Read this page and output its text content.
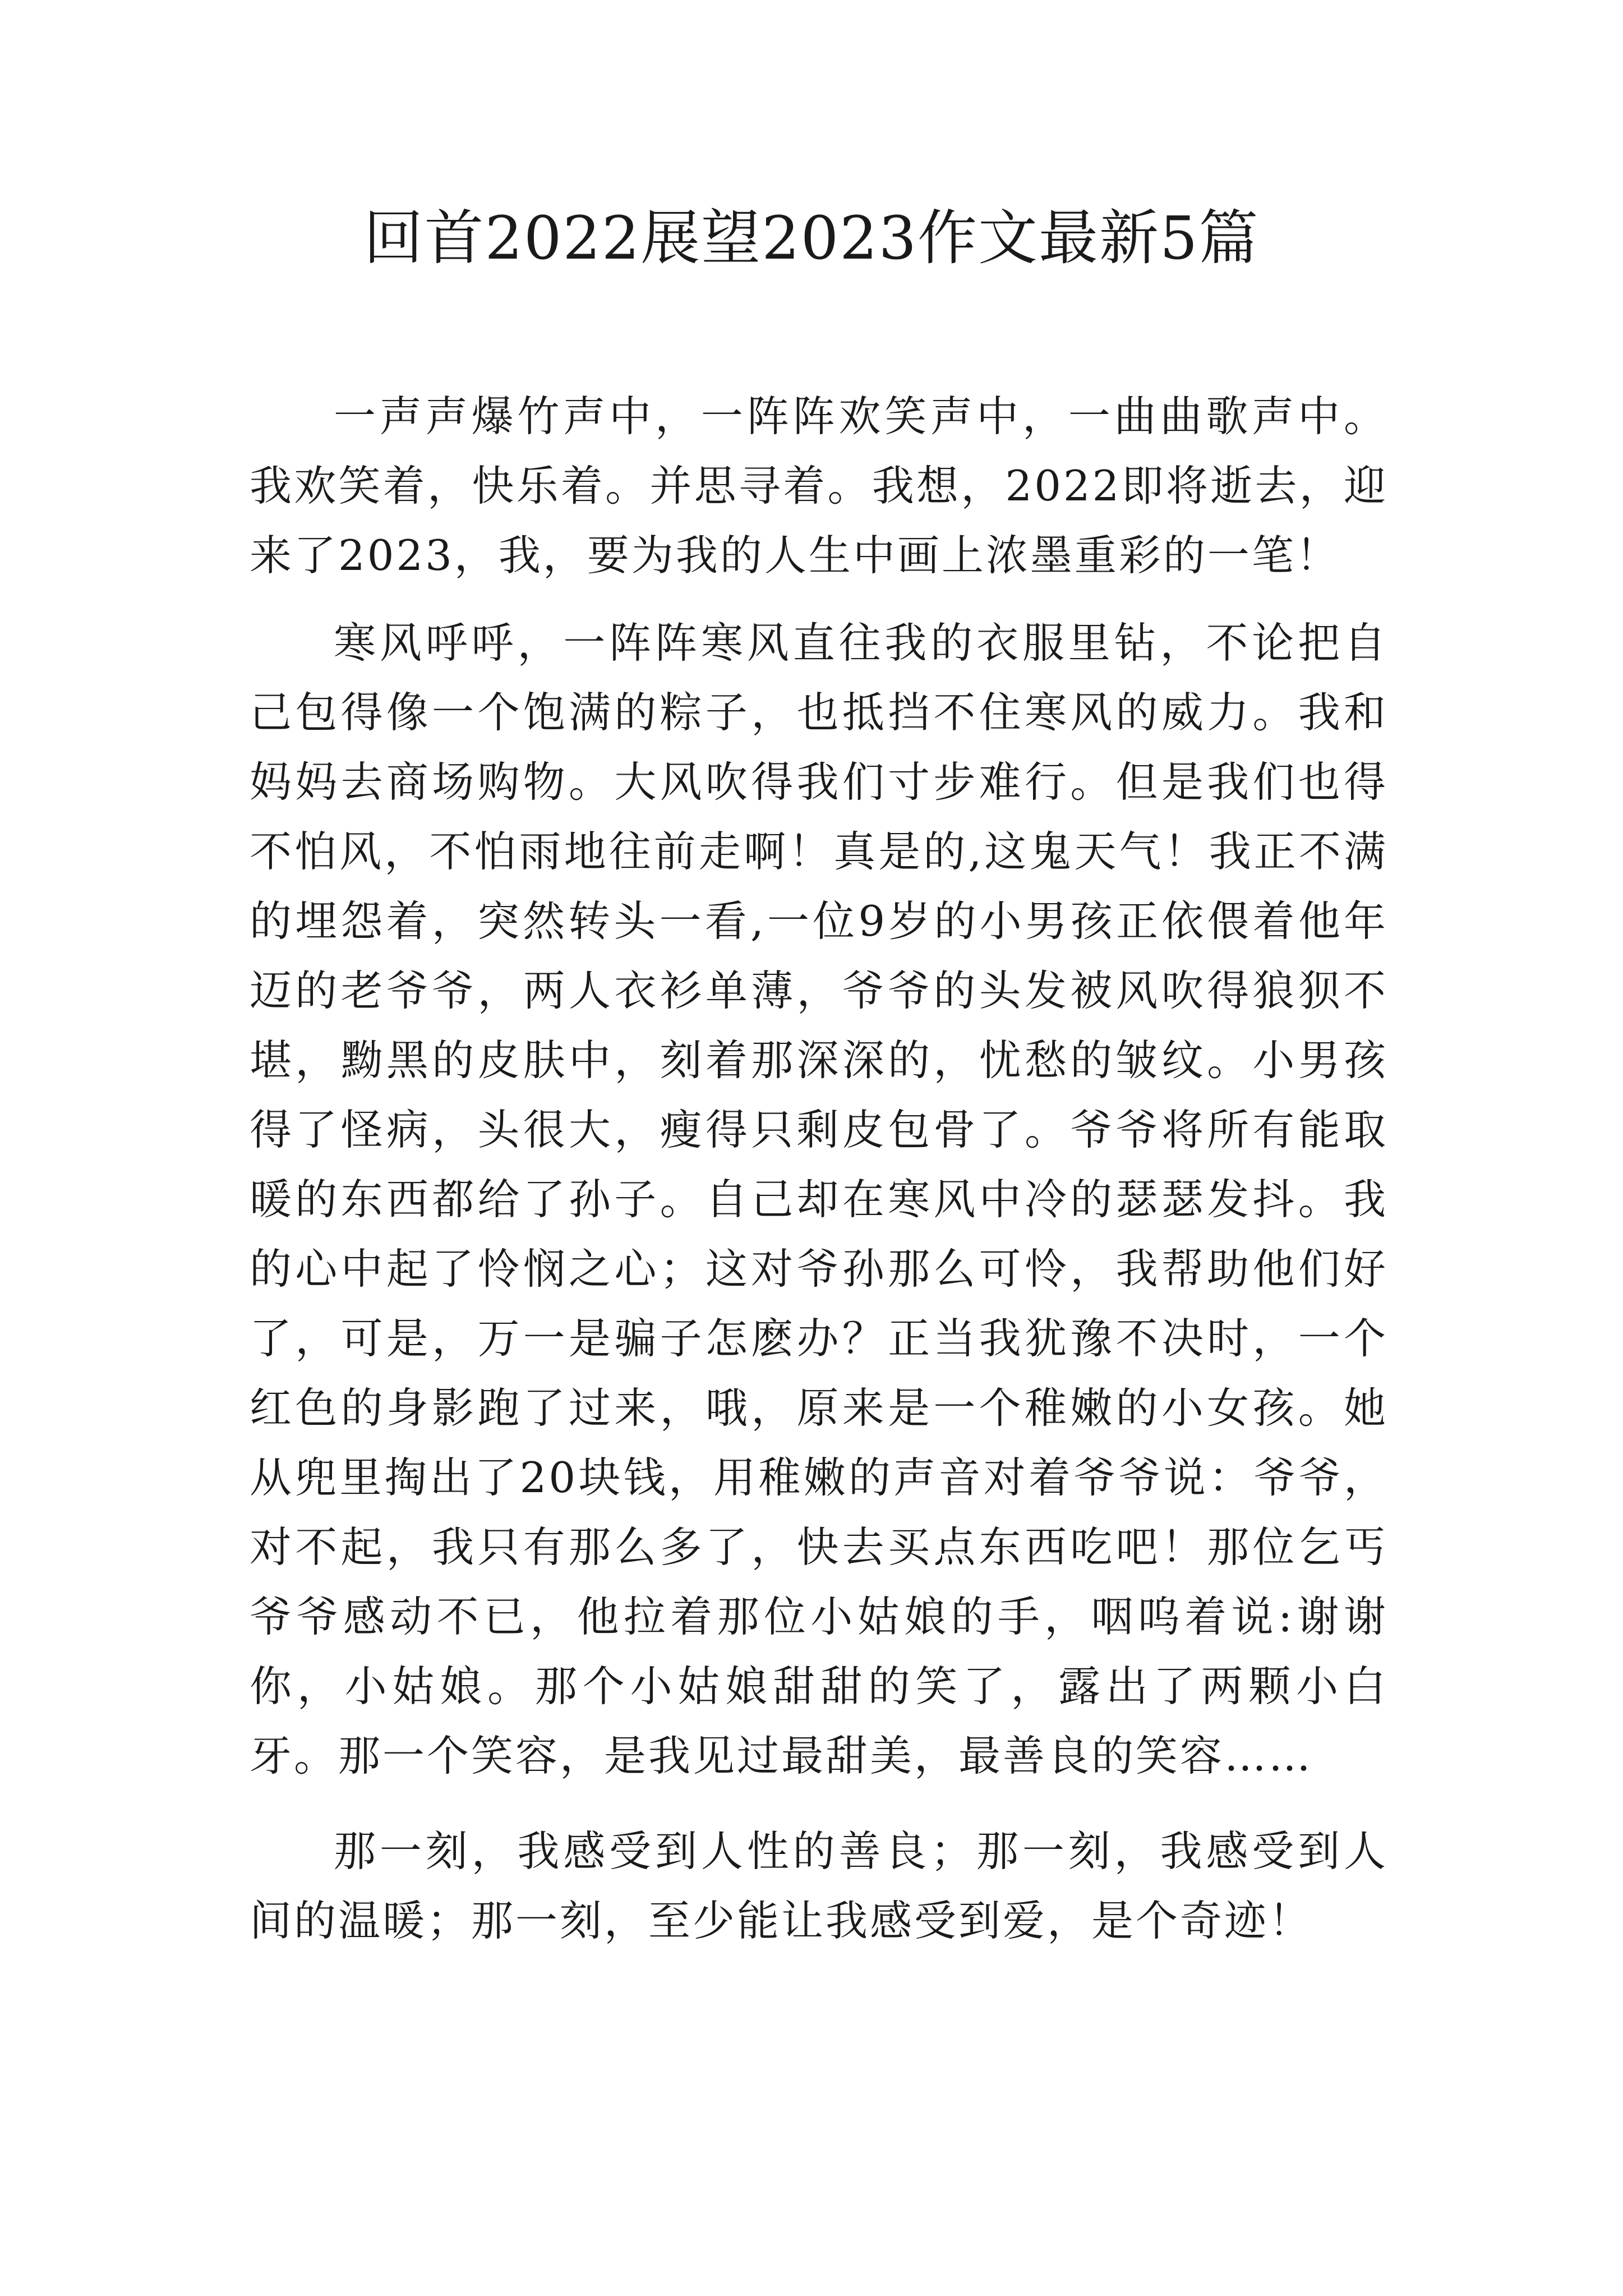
回首2022展望2023作文最新5篇

一声声爆竹声中，一阵阵欢笑声中，一曲曲歌声中。我欢笑着，快乐着。并思寻着。我想，2022即将逝去，迎来了2023，我，要为我的人生中画上浓墨重彩的一笔！

寒风呼呼，一阵阵寒风直往我的衣服里钻，不论把自己包得像一个饱满的粽子，也抵挡不住寒风的威力。我和妈妈去商场购物。大风吹得我们寸步难行。但是我们也得不怕风，不怕雨地往前走啊！真是的,这鬼天气！我正不满的埋怨着，突然转头一看,一位9岁的小男孩正依偎着他年迈的老爷爷，两人衣衫单薄，爷爷的头发被风吹得狼狈不堪，黝黑的皮肤中，刻着那深深的，忧愁的皱纹。小男孩得了怪病，头很大，瘦得只剩皮包骨了。爷爷将所有能取暖的东西都给了孙子。自己却在寒风中冷的瑟瑟发抖。我的心中起了怜悯之心；这对爷孙那么可怜，我帮助他们好了，可是，万一是骗子怎麽办？正当我犹豫不决时，一个红色的身影跑了过来，哦，原来是一个稚嫩的小女孩。她从兜里掏出了20块钱，用稚嫩的声音对着爷爷说：爷爷，对不起，我只有那么多了，快去买点东西吃吧！那位乞丐爷爷感动不已，他拉着那位小姑娘的手，咽呜着说:谢谢你，小姑娘。那个小姑娘甜甜的笑了，露出了两颗小白牙。那一个笑容，是我见过最甜美，最善良的笑容……

那一刻，我感受到人性的善良；那一刻，我感受到人间的温暖；那一刻，至少能让我感受到爱，是个奇迹！
